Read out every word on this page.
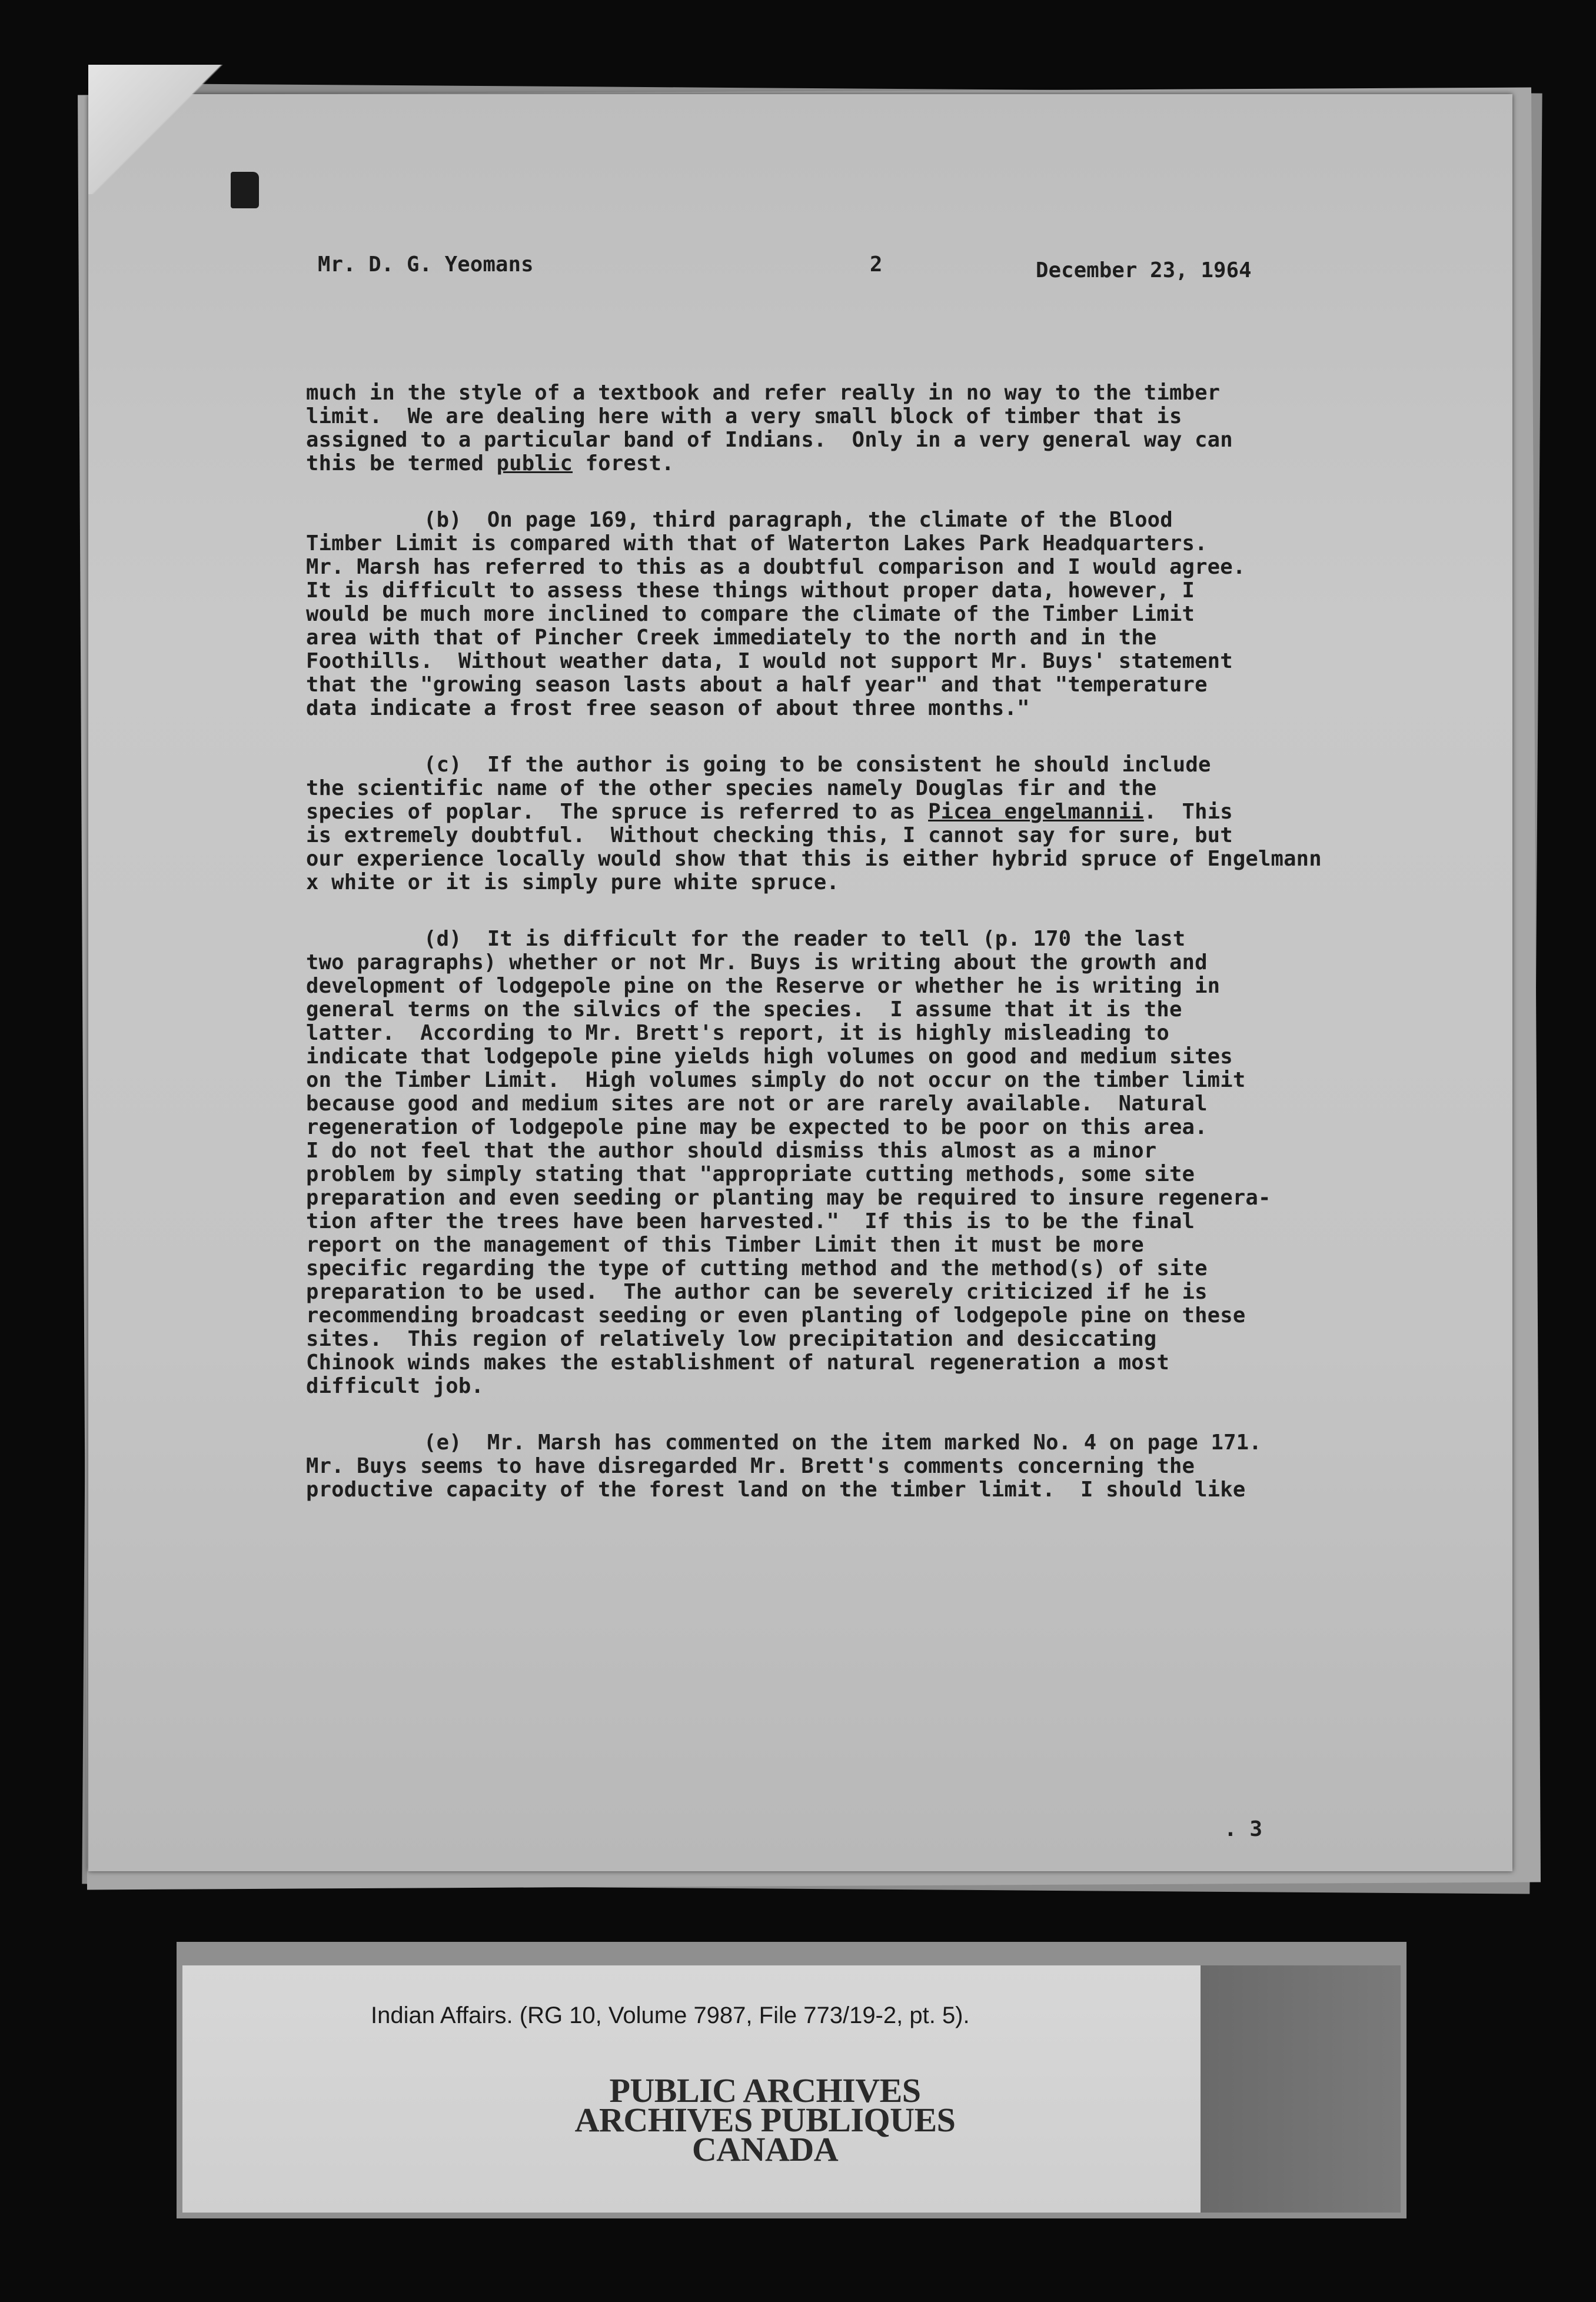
Mr. D. G. Yeomans	2	December 23, 1964

much in the style of a textbook and refer really in no way to the timber
limit.  We are dealing here with a very small block of timber that is
assigned to a particular band of Indians.  Only in a very general way can
this be termed public forest.

(b)  On page 169, third paragraph, the climate of the Blood
Timber Limit is compared with that of Waterton Lakes Park Headquarters.
Mr. Marsh has referred to this as a doubtful comparison and I would agree.
It is difficult to assess these things without proper data, however, I
would be much more inclined to compare the climate of the Timber Limit
area with that of Pincher Creek immediately to the north and in the
Foothills.  Without weather data, I would not support Mr. Buys' statement
that the "growing season lasts about a half year" and that "temperature
data indicate a frost free season of about three months."

(c)  If the author is going to be consistent he should include
the scientific name of the other species namely Douglas fir and the
species of poplar.  The spruce is referred to as Picea engelmannii.  This
is extremely doubtful.  Without checking this, I cannot say for sure, but
our experience locally would show that this is either hybrid spruce of Engelmann
x white or it is simply pure white spruce.

(d)  It is difficult for the reader to tell (p. 170 the last
two paragraphs) whether or not Mr. Buys is writing about the growth and
development of lodgepole pine on the Reserve or whether he is writing in
general terms on the silvics of the species.  I assume that it is the
latter.  According to Mr. Brett's report, it is highly misleading to
indicate that lodgepole pine yields high volumes on good and medium sites
on the Timber Limit.  High volumes simply do not occur on the timber limit
because good and medium sites are not or are rarely available.  Natural
regeneration of lodgepole pine may be expected to be poor on this area.
I do not feel that the author should dismiss this almost as a minor
problem by simply stating that "appropriate cutting methods, some site
preparation and even seeding or planting may be required to insure regenera-
tion after the trees have been harvested."  If this is to be the final
report on the management of this Timber Limit then it must be more
specific regarding the type of cutting method and the method(s) of site
preparation to be used.  The author can be severely criticized if he is
recommending broadcast seeding or even planting of lodgepole pine on these
sites.  This region of relatively low precipitation and desiccating
Chinook winds makes the establishment of natural regeneration a most
difficult job.

(e)  Mr. Marsh has commented on the item marked No. 4 on page 171.
Mr. Buys seems to have disregarded Mr. Brett's comments concerning the
productive capacity of the forest land on the timber limit.  I should like

. 3
Indian Affairs. (RG 10, Volume 7987, File 773/19-2, pt. 5).
PUBLIC ARCHIVES
ARCHIVES PUBLIQUES
CANADA
